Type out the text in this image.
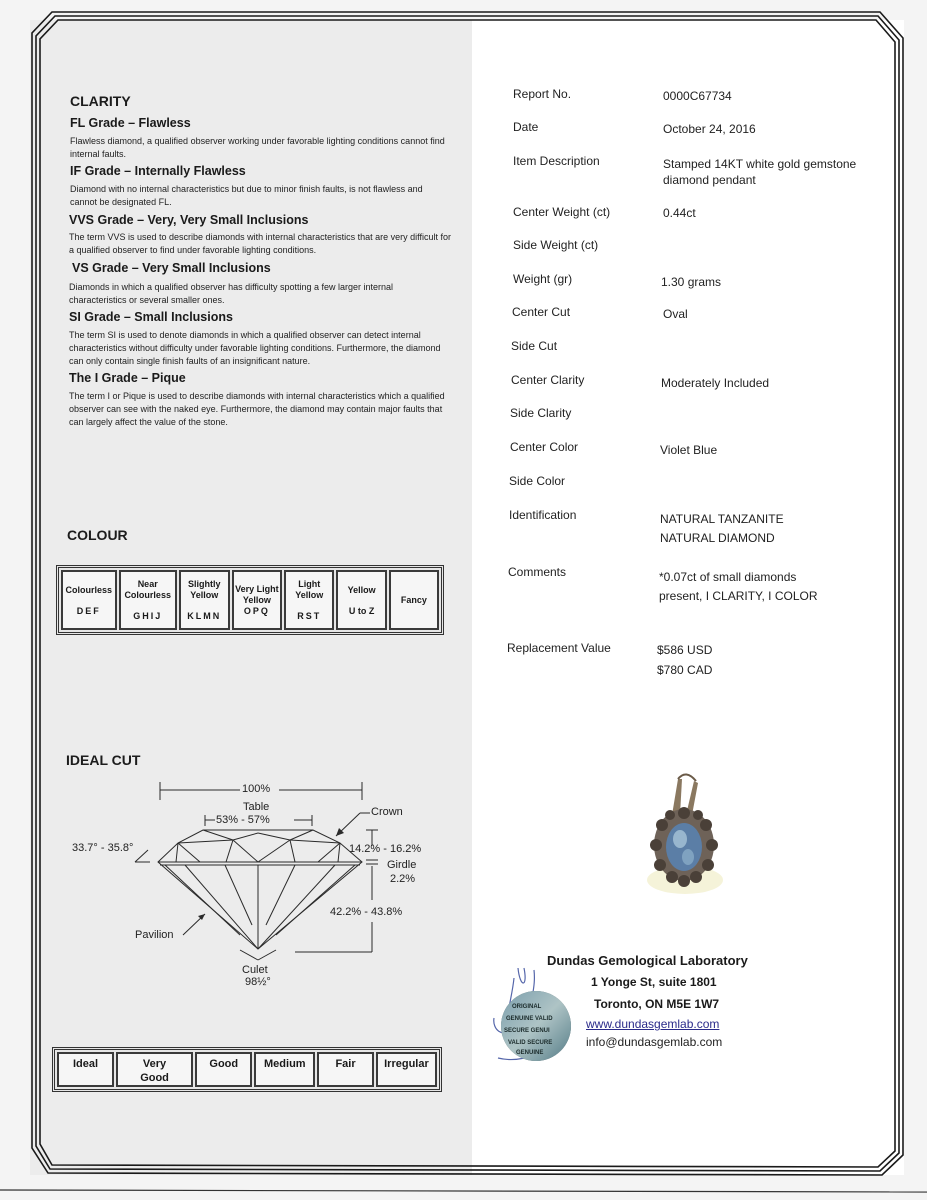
CLARITY
FL Grade – Flawless
Flawless diamond, a qualified observer working under favorable lighting conditions cannot find internal faults.
IF Grade – Internally Flawless
Diamond with no internal characteristics but due to minor finish faults, is not flawless and cannot be designated FL.
VVS Grade – Very, Very Small Inclusions
The term VVS is used to describe diamonds with internal characteristics that are very difficult for a qualified observer to find under favorable lighting conditions.
VS Grade – Very Small Inclusions
Diamonds in which a qualified observer has difficulty spotting a few larger internal characteristics or several smaller ones.
SI Grade – Small Inclusions
The term SI is used to denote diamonds in which a qualified observer can detect internal characteristics without difficulty under favorable lighting conditions. Furthermore, the diamond can only contain single finish faults of an insignificant nature.
The I Grade – Pique
The term I or Pique is used to describe diamonds with internal characteristics which a qualified observer can see with the naked eye. Furthermore, the diamond may contain major faults that can largely affect the value of the stone.
COLOUR
Colourless
DEF

Near Colourless
GHIJ

Slightly Yellow
KLMN

Very Light Yellow
OPQ

Light Yellow
RST

Yellow
U to Z

Fancy
IDEAL CUT
100%
Table
53% - 57%
Crown
33.7° - 35.8°	14.2% - 16.2%
Girdle
2.2%
42.2% - 43.8%
Pavilion
Culet
98½°
Ideal	Very Good	Good	Medium	Fair	Irregular
Report No.	0000C67734
Date	October 24, 2016
Item Description	Stamped 14KT white gold gemstone diamond pendant
Center Weight (ct)	0.44ct
Side Weight (ct)
Weight (gr)	1.30 grams
Center Cut	Oval
Side Cut
Center Clarity	Moderately Included
Side Clarity
Center Color	Violet Blue
Side Color
Identification	NATURAL TANZANITE
NATURAL DIAMOND
Comments	*0.07ct of small diamonds present, I CLARITY, I COLOR
Replacement Value	$586 USD
$780 CAD
ORIGINAL
GENUINE VALID
SECURE GENUI
VALID SECURE
GENUINE
Dundas Gemological Laboratory
1 Yonge St, suite 1801
Toronto, ON M5E 1W7
www.dundasgemlab.com
info@dundasgemlab.com
